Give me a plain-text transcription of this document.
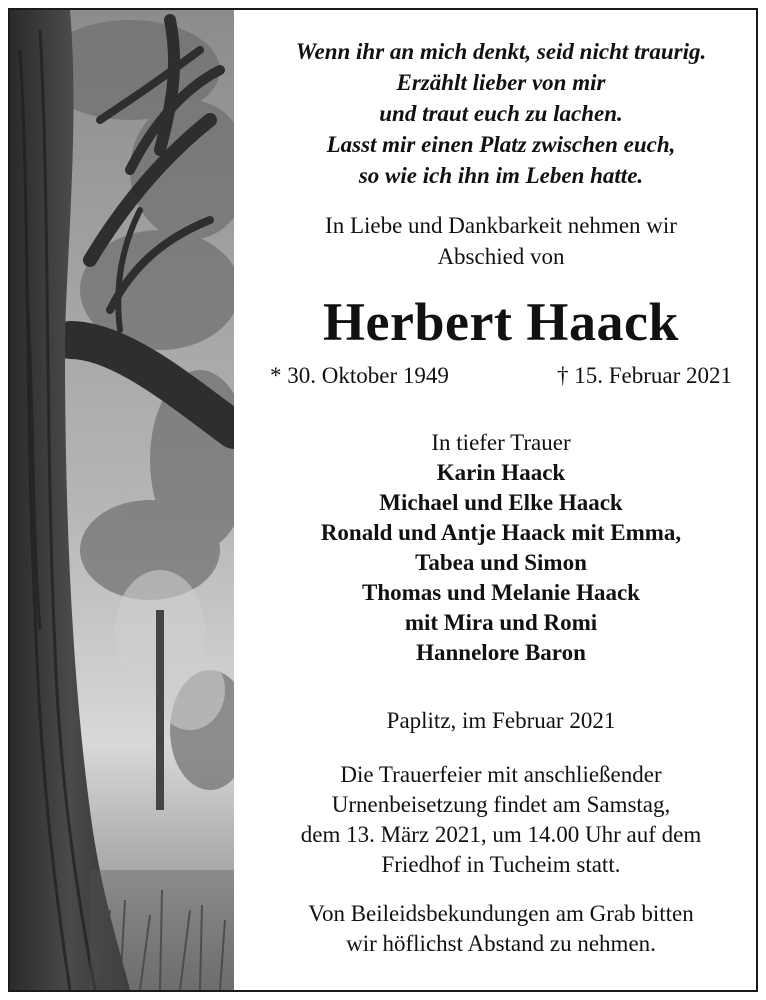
Wenn ihr an mich denkt, seid nicht traurig.
Erzählt lieber von mir
und traut euch zu lachen.
Lasst mir einen Platz zwischen euch,
so wie ich ihn im Leben hatte.
In Liebe und Dankbarkeit nehmen wir
Abschied von
Herbert Haack
* 30. Oktober 1949	† 15. Februar 2021
In tiefer Trauer
Karin Haack
Michael und Elke Haack
Ronald und Antje Haack mit Emma,
Tabea und Simon
Thomas und Melanie Haack
mit Mira und Romi
Hannelore Baron
Paplitz, im Februar 2021
Die Trauerfeier mit anschließender
Urnenbeisetzung findet am Samstag,
dem 13. März 2021, um 14.00 Uhr auf dem
Friedhof in Tucheim statt.
Von Beileidsbekundungen am Grab bitten
wir höflichst Abstand zu nehmen.
